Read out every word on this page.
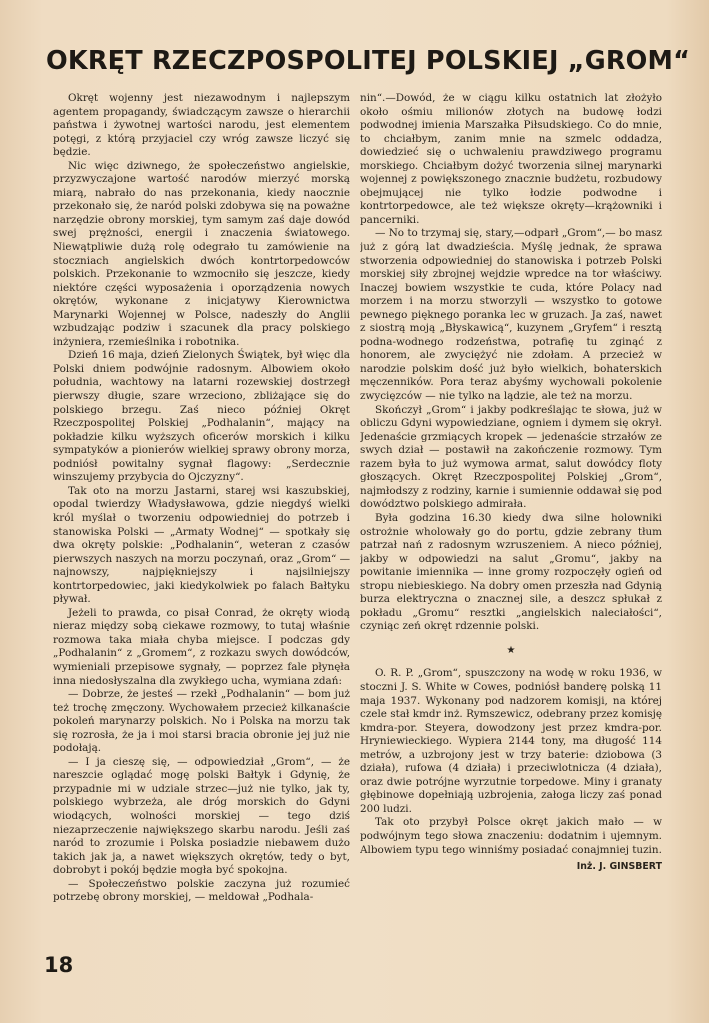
OKRĘT RZECZPOSPOLITEJ POLSKIEJ „GROM“

Okręt wojenny jest niezawodnym i najlepszym agentem propagandy, świadczącym zawsze o hierarchii państwa i żywotnej wartości narodu, jest elementem potęgi, z którą przyjaciel czy wróg zawsze liczyć się będzie.

Nic więc dziwnego, że społeczeństwo angielskie, przyzwyczajone wartość narodów mierzyć morską miarą, nabrało do nas przekonania, kiedy naocznie przekonało się, że naród polski zdobywa się na poważne narzędzie obrony morskiej, tym samym zaś daje dowód swej prężności, energii i znaczenia światowego. Niewątpliwie dużą rolę odegrało tu zamówienie na stoczniach angielskich dwóch kontrtorpedowców polskich. Przekonanie to wzmocniło się jeszcze, kiedy niektóre części wyposażenia i oporządzenia nowych okrętów, wykonane z inicjatywy Kierownictwa Marynarki Wojennej w Polsce, nadeszły do Anglii wzbudzając podziw i szacunek dla pracy polskiego inżyniera, rzemieślnika i robotnika.

Dzień 16 maja, dzień Zielonych Świątek, był więc dla Polski dniem podwójnie radosnym. Albowiem około południa, wachtowy na latarni rozewskiej dostrzegł pierwszy długie, szare wrzeciono, zbliżające się do polskiego brzegu. Zaś nieco później Okręt Rzeczpospolitej Polskiej „Podhalanin“, mający na pokładzie kilku wyższych oficerów morskich i kilku sympatyków a pionierów wielkiej sprawy obrony morza, podniósł powitalny sygnał flagowy: „Serdecznie winszujemy przybycia do Ojczyzny“.

Tak oto na morzu Jastarni, starej wsi kaszubskiej, opodal twierdzy Władysławowa, gdzie niegdyś wielki król myślał o tworzeniu odpowiedniej do potrzeb i stanowiska Polski — „Armaty Wodnej“ — spotkały się dwa okręty polskie: „Podhalanin“, weteran z czasów pierwszych naszych na morzu poczynań, oraz „Grom“ — najnowszy, najpiękniejszy i najsilniejszy kontrtorpedowiec, jaki kiedykolwiek po falach Bałtyku pływał.

Jeżeli to prawda, co pisał Conrad, że okręty wiodą nieraz między sobą ciekawe rozmowy, to tutaj właśnie rozmowa taka miała chyba miejsce. I podczas gdy „Podhalanin“ z „Gromem“, z rozkazu swych dowódców, wymieniali przepisowe sygnały, — poprzez fale płynęła inna niedosłyszalna dla zwykłego ucha, wymiana zdań:

— Dobrze, że jesteś — rzekł „Podhalanin“ — bom już też trochę zmęczony. Wychowałem przecież kilkanaście pokoleń marynarzy polskich. No i Polska na morzu tak się rozrosła, że ja i moi starsi bracia obronie jej już nie podołają.

— I ja cieszę się, — odpowiedział „Grom“, — że nareszcie oglądać mogę polski Bałtyk i Gdynię, że przypadnie mi w udziale strzec—już nie tylko, jak ty, polskiego wybrzeża, ale dróg morskich do Gdyni wiodących, wolności morskiej — tego dziś niezaprzeczenie największego skarbu narodu. Jeśli zaś naród to zrozumie i Polska posiadzie niebawem dużo takich jak ja, a nawet większych okrętów, tedy o byt, dobrobyt i pokój będzie mogła być spokojna.

— Społeczeństwo polskie zaczyna już rozumieć potrzebę obrony morskiej, — meldował „Podhala-

nin“.—Dowód, że w ciągu kilku ostatnich lat złożyło około ośmiu milionów złotych na budowę łodzi podwodnej imienia Marszałka Piłsudskiego. Co do mnie, to chciałbym, zanim mnie na szmelc oddadza, dowiedzieć się o uchwaleniu prawdziwego programu morskiego. Chciałbym dożyć tworzenia silnej marynarki wojennej z powiększonego znacznie budżetu, rozbudowy obejmującej nie tylko łodzie podwodne i kontrtorpedowce, ale też większe okręty—krążowniki i pancerniki.

— No to trzymaj się, stary,—odparł „Grom“,— bo masz już z górą lat dwadzieścia. Myślę jednak, że sprawa stworzenia odpowiedniej do stanowiska i potrzeb Polski morskiej siły zbrojnej wejdzie wpredce na tor właściwy. Inaczej bowiem wszystkie te cuda, które Polacy nad morzem i na morzu stworzyli — wszystko to gotowe pewnego pięknego poranka lec w gruzach. Ja zaś, nawet z siostrą moją „Błyskawicą“, kuzynem „Gryfem“ i resztą podna-wodnego rodzeństwa, potrafię tu zginąć z honorem, ale zwyciężyć nie zdołam. A przecież w narodzie polskim dość już było wielkich, bohaterskich męczenników. Pora teraz abyśmy wychowali pokolenie zwycięzców — nie tylko na lądzie, ale też na morzu.

Skończył „Grom“ i jakby podkreślając te słowa, już w obliczu Gdyni wypowiedziane, ogniem i dymem się okrył. Jedenaście grzmiących kropek — jedenaście strzałów ze swych dział — postawił na zakończenie rozmowy. Tym razem była to już wymowa armat, salut dowódcy floty głoszących. Okręt Rzeczpospolitej Polskiej „Grom“, najmłodszy z rodziny, karnie i sumiennie oddawał się pod dowództwo polskiego admirała.

Była godzina 16.30 kiedy dwa silne holowniki ostrożnie wholowały go do portu, gdzie zebrany tłum patrzał nań z radosnym wzruszeniem. A nieco później, jakby w odpowiedzi na salut „Gromu“, jakby na powitanie imiennika — inne gromy rozpoczęły ogień od stropu niebieskiego. Na dobry omen przeszła nad Gdynią burza elektryczna o znacznej sile, a deszcz spłukał z pokładu „Gromu“ resztki „angielskich naleciałości“, czyniąc zeń okręt rdzennie polski.

★

O. R. P. „Grom“, spuszczony na wodę w roku 1936, w stoczni J. S. White w Cowes, podniósł banderę polską 11 maja 1937. Wykonany pod nadzorem komisji, na której czele stał kmdr inż. Rymszewicz, odebrany przez komisję kmdra-por. Steyera, dowodzony jest przez kmdra-por. Hryniewieckiego. Wypiera 2144 tony, ma długość 114 metrów, a uzbrojony jest w trzy baterie: dziobowa (3 działa), rufowa (4 działa) i przeciwlotnicza (4 działa), oraz dwie potrójne wyrzutnie torpedowe. Miny i granaty głębinowe dopełniają uzbrojenia, załoga liczy zaś ponad 200 ludzi.

Tak oto przybył Polsce okręt jakich mało — w podwójnym tego słowa znaczeniu: dodatnim i ujemnym. Albowiem typu tego winniśmy posiadać conajmniej tuzin.

Inż. J. GINSBERT
18
